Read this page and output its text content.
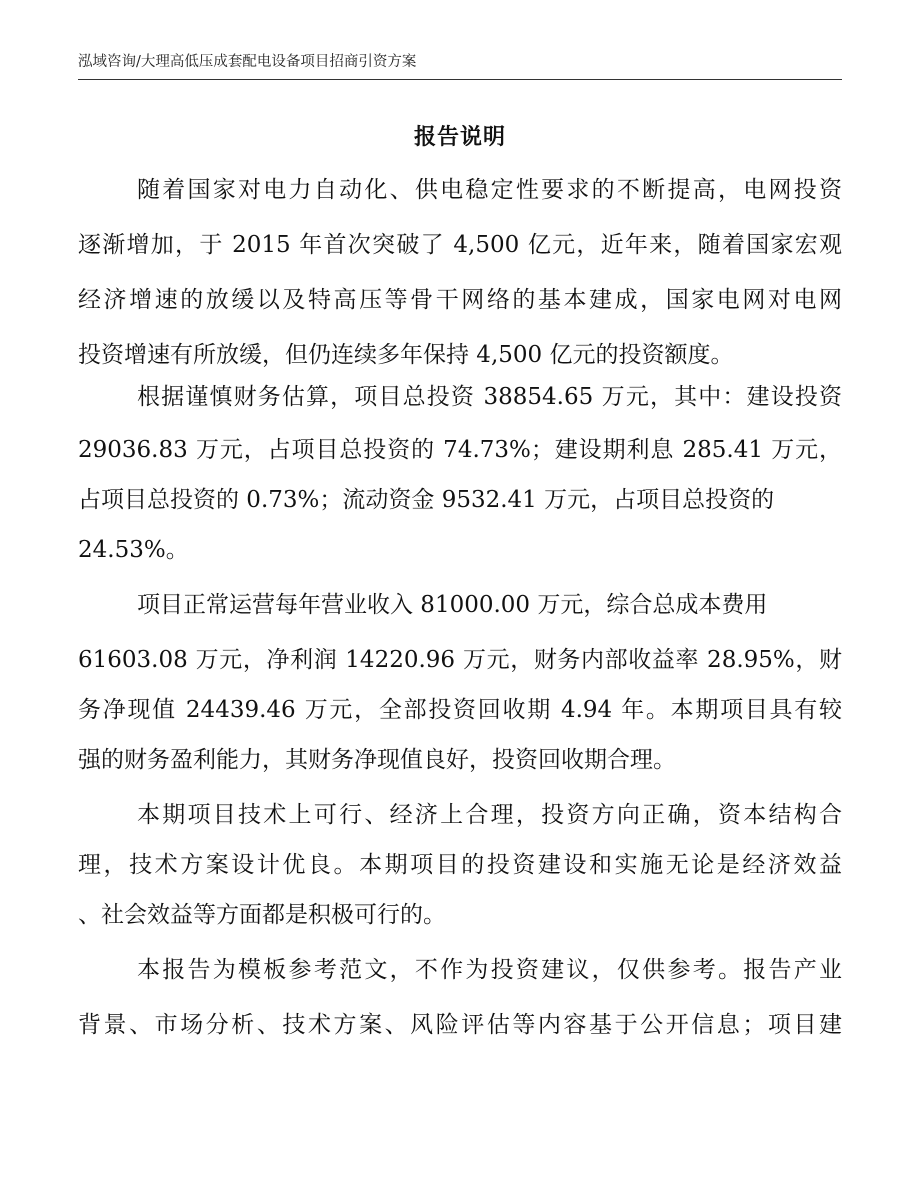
泓域咨询/大理高低压成套配电设备项目招商引资方案
报告说明
随着国家对电力自动化、供电稳定性要求的不断提高，电网投资
逐渐增加，于 2015 年首次突破了 4,500 亿元，近年来，随着国家宏观
经济增速的放缓以及特高压等骨干网络的基本建成，国家电网对电网
投资增速有所放缓，但仍连续多年保持 4,500 亿元的投资额度。
根据谨慎财务估算，项目总投资 38854.65 万元，其中：建设投资
29036.83 万元，占项目总投资的 74.73%；建设期利息 285.41 万元，
占项目总投资的 0.73%；流动资金 9532.41 万元，占项目总投资的
24.53%。
项目正常运营每年营业收入 81000.00 万元，综合总成本费用
61603.08 万元，净利润 14220.96 万元，财务内部收益率 28.95%，财
务净现值 24439.46 万元，全部投资回收期 4.94 年。本期项目具有较
强的财务盈利能力，其财务净现值良好，投资回收期合理。
本期项目技术上可行、经济上合理，投资方向正确，资本结构合
理，技术方案设计优良。本期项目的投资建设和实施无论是经济效益
、社会效益等方面都是积极可行的。
本报告为模板参考范文，不作为投资建议，仅供参考。报告产业
背景、市场分析、技术方案、风险评估等内容基于公开信息；项目建
